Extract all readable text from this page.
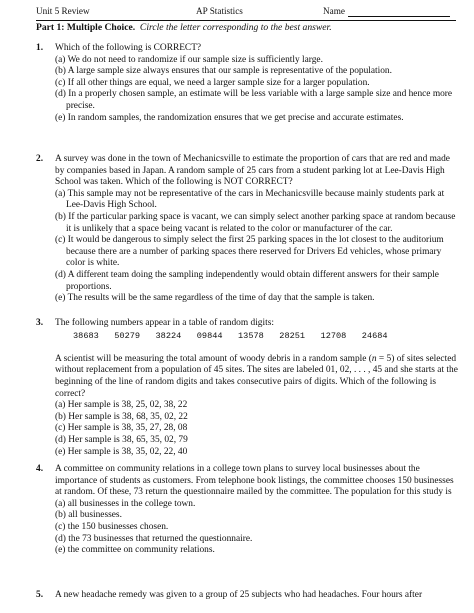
Unit 5 Review	AP Statistics	Name
Part 1: Multiple Choice. Circle the letter corresponding to the best answer.
1. Which of the following is CORRECT?

(a) We do not need to randomize if our sample size is sufficiently large.

(b) A large sample size always ensures that our sample is representative of the population.

(c) If all other things are equal, we need a larger sample size for a larger population.

(d) In a properly chosen sample, an estimate will be less variable with a large sample size and hence more precise.

(e) In random samples, the randomization ensures that we get precise and accurate estimates.

2. A survey was done in the town of Mechanicsville to estimate the proportion of cars that are red and made by companies based in Japan. A random sample of 25 cars from a student parking lot at Lee-Davis High School was taken. Which of the following is NOT CORRECT?

(a) This sample may not be representative of the cars in Mechanicsville because mainly students park at Lee-Davis High School.

(b) If the particular parking space is vacant, we can simply select another parking space at random because it is unlikely that a space being vacant is related to the color or manufacturer of the car.

(c) It would be dangerous to simply select the first 25 parking spaces in the lot closest to the auditorium because there are a number of parking spaces there reserved for Drivers Ed vehicles, whose primary color is white.

(d) A different team doing the sampling independently would obtain different answers for their sample proportions.

(e) The results will be the same regardless of the time of day that the sample is taken.

3. The following numbers appear in a table of random digits:

38683   50279   38224   09844   13578   28251   12708   24684

A scientist will be measuring the total amount of woody debris in a random sample (n = 5) of sites selected without replacement from a population of 45 sites. The sites are labeled 01, 02, . . . , 45 and she starts at the beginning of the line of random digits and takes consecutive pairs of digits. Which of the following is correct?

(a) Her sample is 38, 25, 02, 38, 22

(b) Her sample is 38, 68, 35, 02, 22

(c) Her sample is 38, 35, 27, 28, 08

(d) Her sample is 38, 65, 35, 02, 79

(e) Her sample is 38, 35, 02, 22, 40

4. A committee on community relations in a college town plans to survey local businesses about the importance of students as customers. From telephone book listings, the committee chooses 150 businesses at random. Of these, 73 return the questionnaire mailed by the committee. The population for this study is

(a) all businesses in the college town.

(b) all businesses.

(c) the 150 businesses chosen.

(d) the 73 businesses that returned the questionnaire.

(e) the committee on community relations.

5. A new headache remedy was given to a group of 25 subjects who had headaches. Four hours after
